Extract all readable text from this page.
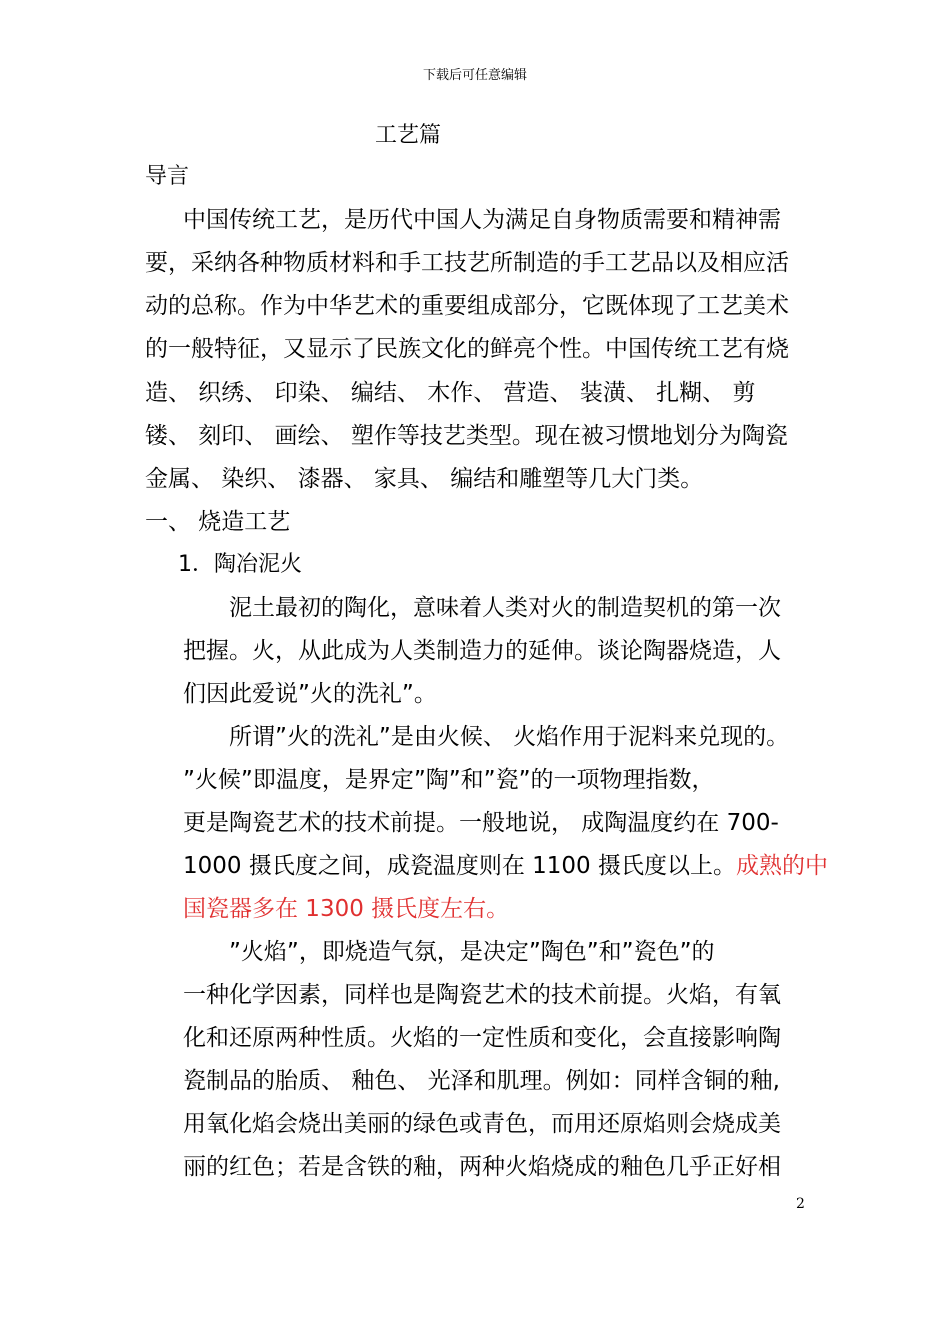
下载后可任意编辑
工艺篇
导言
中国传统工艺，是历代中国人为满足自身物质需要和精神需
要，采纳各种物质材料和手工技艺所制造的手工艺品以及相应活
动的总称。作为中华艺术的重要组成部分，它既体现了工艺美术
的一般特征，又显示了民族文化的鲜亮个性。中国传统工艺有烧
造、 织绣、 印染、 编结、 木作、 营造、 装潢、 扎糊、 剪
镂、 刻印、 画绘、 塑作等技艺类型。现在被习惯地划分为陶瓷
金属、 染织、 漆器、 家具、 编结和雕塑等几大门类。
一、 烧造工艺
1．陶冶泥火
泥土最初的陶化，意味着人类对火的制造契机的第一次
把握。火，从此成为人类制造力的延伸。谈论陶器烧造，人
们因此爱说”火的洗礼”。
所谓”火的洗礼”是由火候、 火焰作用于泥料来兑现的。
”火候”即温度，是界定”陶”和”瓷”的一项物理指数，
更是陶瓷艺术的技术前提。一般地说， 成陶温度约在 700-
1000 摄氏度之间，成瓷温度则在 1100 摄氏度以上。成熟的中
国瓷器多在 1300 摄氏度左右。
”火焰”，即烧造气氛，是决定”陶色”和”瓷色”的
一种化学因素，同样也是陶瓷艺术的技术前提。火焰，有氧
化和还原两种性质。火焰的一定性质和变化，会直接影响陶
瓷制品的胎质、 釉色、 光泽和肌理。例如：同样含铜的釉,
用氧化焰会烧出美丽的绿色或青色，而用还原焰则会烧成美
丽的红色；若是含铁的釉，两种火焰烧成的釉色几乎正好相
2
